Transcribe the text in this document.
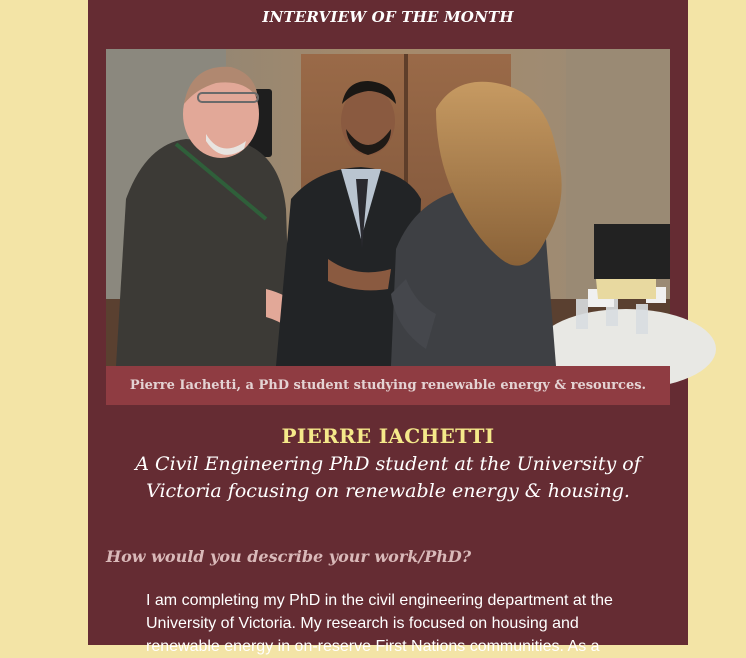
INTERVIEW OF THE MONTH
Pierre Iachetti, a PhD student studying renewable energy & resources.
PIERRE IACHETTI
A Civil Engineering PhD student at the University of Victoria focusing on renewable energy & housing.
How would you describe your work/PhD?
I am completing my PhD in the civil engineering department at the University of Victoria. My research is focused on housing and renewable energy in on-reserve First Nations communities. As a
